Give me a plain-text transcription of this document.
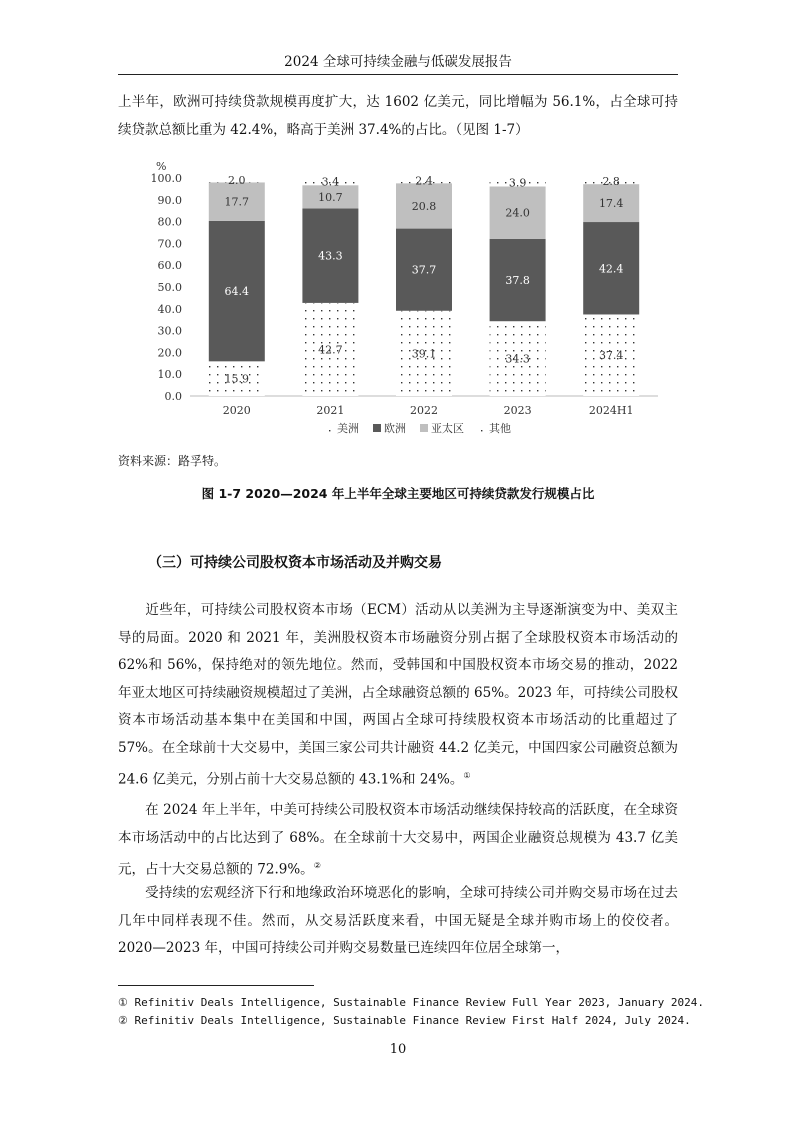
2024 全球可持续金融与低碳发展报告

上半年，欧洲可持续贷款规模再度扩大，达 1602 亿美元，同比增幅为 56.1%，占全球可持续贷款总额比重为 42.4%，略高于美洲 37.4%的占比。（见图 1-7）

%
0.0
10.0
20.0
30.0
40.0
50.0
60.0
70.0
80.0
90.0
100.0
2020	2021	2022	2023	2024H1
15.9
64.4
17.7
2.0
42.7
43.3
10.7
3.4
39.1
37.7
20.8
2.4
34.3
37.8
24.0
3.9
37.4
42.4
17.4
2.8
美洲 欧洲 亚太区 其他
资料来源：路孚特。
图 1-7 2020—2024 年上半年全球主要地区可持续贷款发行规模占比
（三）可持续公司股权资本市场活动及并购交易

近些年，可持续公司股权资本市场（ECM）活动从以美洲为主导逐渐演变为中、美双主导的局面。2020 和 2021 年，美洲股权资本市场融资分别占据了全球股权资本市场活动的 62%和 56%，保持绝对的领先地位。然而，受韩国和中国股权资本市场交易的推动，2022 年亚太地区可持续融资规模超过了美洲，占全球融资总额的 65%。2023 年，可持续公司股权资本市场活动基本集中在美国和中国，两国占全球可持续股权资本市场活动的比重超过了 57%。在全球前十大交易中，美国三家公司共计融资 44.2 亿美元，中国四家公司融资总额为 24.6 亿美元，分别占前十大交易总额的 43.1%和 24%。①

在 2024 年上半年，中美可持续公司股权资本市场活动继续保持较高的活跃度，在全球资本市场活动中的占比达到了 68%。在全球前十大交易中，两国企业融资总规模为 43.7 亿美元，占十大交易总额的 72.9%。②

受持续的宏观经济下行和地缘政治环境恶化的影响，全球可持续公司并购交易市场在过去几年中同样表现不佳。然而，从交易活跃度来看，中国无疑是全球并购市场上的佼佼者。2020—2023 年，中国可持续公司并购交易数量已连续四年位居全球第一，

① Refinitiv Deals Intelligence, Sustainable Finance Review Full Year 2023, January 2024.
② Refinitiv Deals Intelligence, Sustainable Finance Review First Half 2024, July 2024.
10
